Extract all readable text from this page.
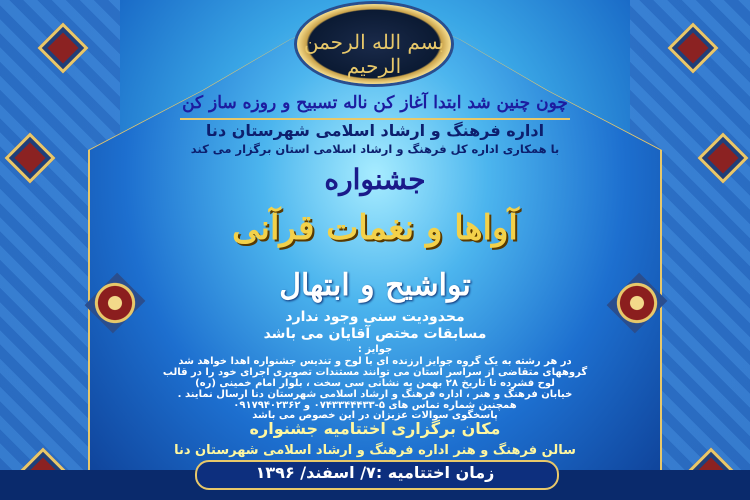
بسم الله الرحمن الرحیم
چون چنین شد ابتدا آغاز کن ناله تسبیح و روزه ساز کن
اداره فرهنگ و ارشاد اسلامی شهرستان دنا
با همکاری اداره کل فرهنگ و ارشاد اسلامی استان برگزار می کند
جشنواره
آواها و نغمات قرآنی
تواشیح و ابتهال
محدودیت سنی وجود ندارد
مسابقات مختص آقایان می باشد
جوایز :
در هر رشته به یک گروه جوایز ارزنده ای با لوح و تندیس جشنواره اهدا خواهد شد
گروههای متقاضی از سراسر استان می توانند مستندات تصویری اجرای خود را در قالب
لوح فشرده تا تاریخ ۲۸ بهمن به نشانی سی سخت ، بلوار امام خمینی (ره)
خیابان فرهنگ و هنر ، اداره فرهنگ و ارشاد اسلامی شهرستان دنا ارسال نمایند .
همچنین شماره تماس های ۵-۰۷۴۳۳۴۴۴۳۳ و ۰۹۱۷۹۴۰۲۳۶۲
پاسخگوی سوالات عزیزان در این خصوص می باشد
مکان برگزاری اختتامیه جشنواره
سالن فرهنگ و هنر اداره فرهنگ و ارشاد اسلامی شهرستان دنا
زمان اختتامیه :۷/ اسفند/ ۱۳۹۶
